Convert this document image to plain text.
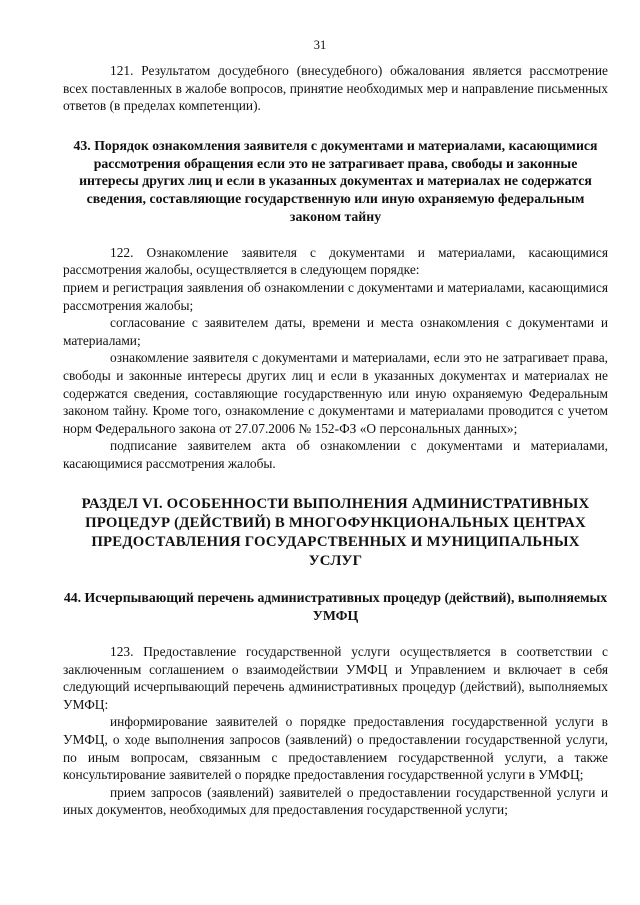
31

121. Результатом досудебного (внесудебного) обжалования является рассмотрение всех поставленных в жалобе вопросов, принятие необходимых мер и направление письменных ответов (в пределах компетенции).

43. Порядок ознакомления заявителя с документами и материалами, касающимися рассмотрения обращения если это не затрагивает права, свободы и законные интересы других лиц и если в указанных документах и материалах не содержатся сведения, составляющие государственную или иную охраняемую федеральным законом тайну

122. Ознакомление заявителя с документами и материалами, касающимися рассмотрения жалобы, осуществляется в следующем порядке:

прием и регистрация заявления об ознакомлении с документами и материалами, касающимися рассмотрения жалобы;

согласование с заявителем даты, времени и места ознакомления с документами и материалами;

ознакомление заявителя с документами и материалами, если это не затрагивает права, свободы и законные интересы других лиц и если в указанных документах и материалах не содержатся сведения, составляющие государственную или иную охраняемую Федеральным законом тайну. Кроме того, ознакомление с документами и материалами проводится с учетом норм Федерального закона от 27.07.2006 № 152-ФЗ «О персональных данных»;

подписание заявителем акта об ознакомлении с документами и материалами, касающимися рассмотрения жалобы.

РАЗДЕЛ VI. ОСОБЕННОСТИ ВЫПОЛНЕНИЯ АДМИНИСТРАТИВНЫХ ПРОЦЕДУР (ДЕЙСТВИЙ) В МНОГОФУНКЦИОНАЛЬНЫХ ЦЕНТРАХ ПРЕДОСТАВЛЕНИЯ ГОСУДАРСТВЕННЫХ И МУНИЦИПАЛЬНЫХ УСЛУГ
44. Исчерпывающий перечень административных процедур (действий), выполняемых УМФЦ

123. Предоставление государственной услуги осуществляется в соответствии с заключенным соглашением о взаимодействии УМФЦ и Управлением и включает в себя следующий исчерпывающий перечень административных процедур (действий), выполняемых УМФЦ:

информирование заявителей о порядке предоставления государственной услуги в УМФЦ, о ходе выполнения запросов (заявлений) о предоставлении государственной услуги, по иным вопросам, связанным с предоставлением государственной услуги, а также консультирование заявителей о порядке предоставления государственной услуги в УМФЦ;

прием запросов (заявлений) заявителей о предоставлении государственной услуги и иных документов, необходимых для предоставления государственной услуги;
